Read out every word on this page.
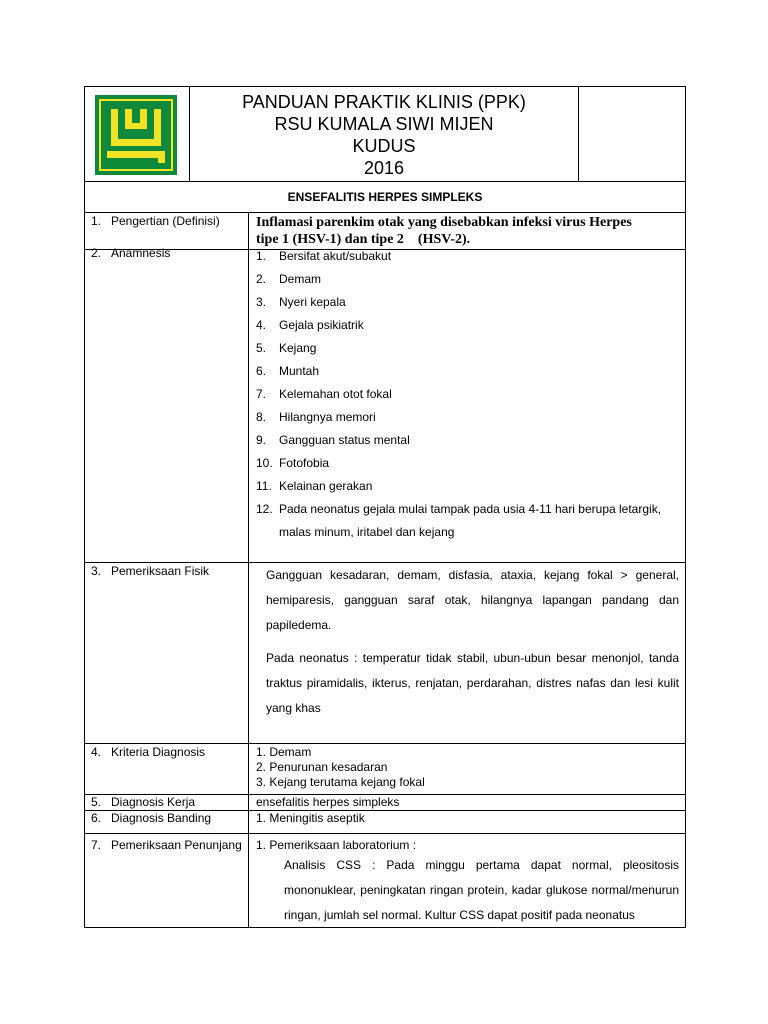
PANDUAN PRAKTIK KLINIS (PPK)
RSU KUMALA SIWI MIJEN
KUDUS
2016
ENSEFALITIS HERPES SIMPLEKS
1. Pengertian (Definisi)	Inflamasi parenkim otak yang disebabkan infeksi virus Herpes
tipe 1 (HSV-1) dan tipe 2    (HSV-2).
2. Anamnesis	1. Bersifat akut/subakut
2. Demam
3. Nyeri kepala
4. Gejala psikiatrik
5. Kejang
6. Muntah
7. Kelemahan otot fokal
8. Hilangnya memori
9. Gangguan status mental
10. Fotofobia
11. Kelainan gerakan
12. Pada neonatus gejala mulai tampak pada usia 4-11 hari berupa letargik,
malas minum, iritabel dan kejang
3. Pemeriksaan Fisik	Gangguan kesadaran, demam, disfasia, ataxia, kejang fokal > general, hemiparesis, gangguan saraf otak, hilangnya lapangan pandang dan papiledema.
Pada neonatus : temperatur tidak stabil, ubun-ubun besar menonjol, tanda traktus piramidalis, ikterus, renjatan, perdarahan, distres nafas dan lesi kulit yang khas
4. Kriteria Diagnosis	1. Demam
2. Penurunan kesadaran
3. Kejang terutama kejang fokal
5. Diagnosis Kerja	ensefalitis herpes simpleks
6. Diagnosis Banding	1. Meningitis aseptik
7. Pemeriksaan Penunjang	1. Pemeriksaan laboratorium :
Analisis CSS : Pada minggu pertama dapat normal, pleositosis mononuklear, peningkatan ringan protein, kadar glukose normal/menurun ringan, jumlah sel normal. Kultur CSS dapat positif pada neonatus
